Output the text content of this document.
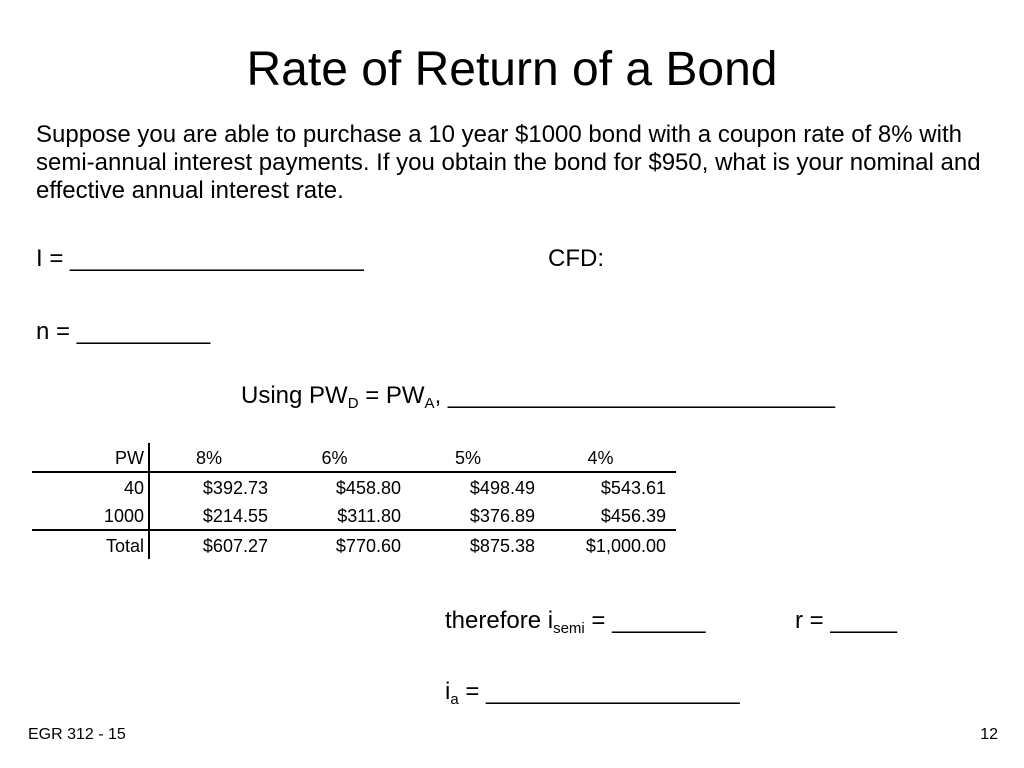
Rate of Return of a Bond
Suppose you are able to purchase a 10 year $1000 bond with a coupon rate of 8% with semi-annual interest payments. If you obtain the bond for $950, what is your nominal and effective annual interest rate.
I = ______________________	CFD:
n = __________
Using $PW_D = PW_A$, _____________________________
PW	8%	6%	5%	4%
40	$392.73	$458.80	$498.49	$543.61
1000	$214.55	$311.80	$376.89	$456.39
Total	$607.27	$770.60	$875.38	$1,000.00
therefore $i_{semi}$ = _______	r = _____
$i_a$ = ___________________
EGR 312 - 15	12
